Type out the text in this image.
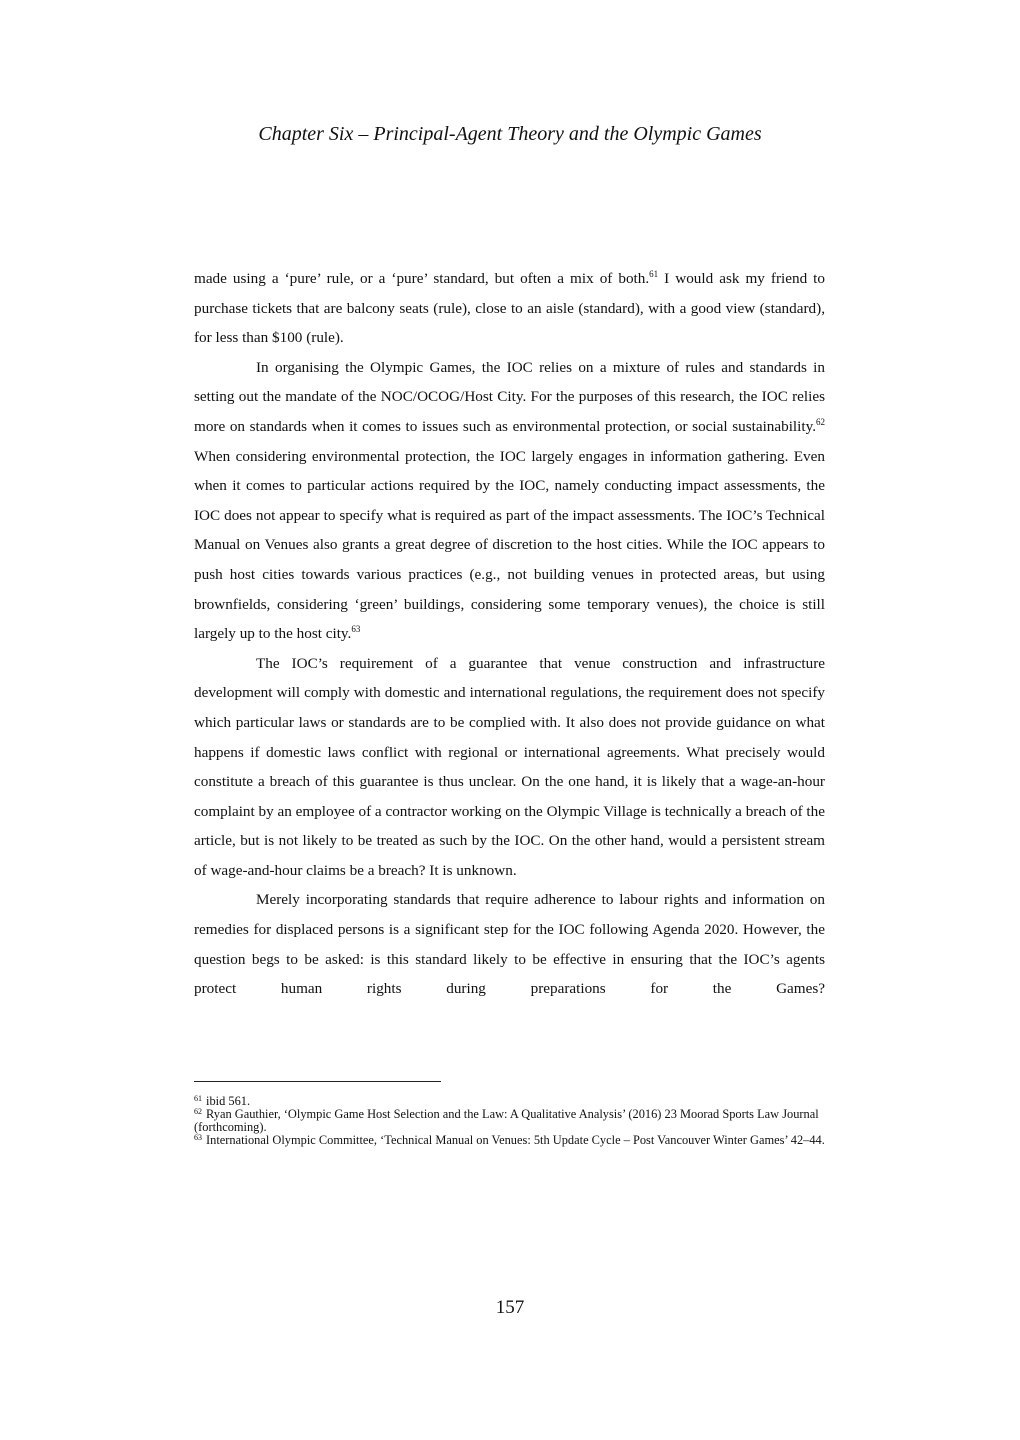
Chapter Six – Principal-Agent Theory and the Olympic Games

made using a ‘pure’ rule, or a ‘pure’ standard, but often a mix of both.$^{61}$ I would ask my friend to purchase tickets that are balcony seats (rule), close to an aisle (standard), with a good view (standard), for less than $100 (rule).

In organising the Olympic Games, the IOC relies on a mixture of rules and standards in setting out the mandate of the NOC/OCOG/Host City. For the purposes of this research, the IOC relies more on standards when it comes to issues such as environmental protection, or social sustainability.$^{62}$ When considering environmental protection, the IOC largely engages in information gathering. Even when it comes to particular actions required by the IOC, namely conducting impact assessments, the IOC does not appear to specify what is required as part of the impact assessments. The IOC’s Technical Manual on Venues also grants a great degree of discretion to the host cities. While the IOC appears to push host cities towards various practices (e.g., not building venues in protected areas, but using brownfields, considering ‘green’ buildings, considering some temporary venues), the choice is still largely up to the host city.$^{63}$

The IOC’s requirement of a guarantee that venue construction and infrastructure development will comply with domestic and international regulations, the requirement does not specify which particular laws or standards are to be complied with. It also does not provide guidance on what happens if domestic laws conflict with regional or international agreements. What precisely would constitute a breach of this guarantee is thus unclear. On the one hand, it is likely that a wage-an-hour complaint by an employee of a contractor working on the Olympic Village is technically a breach of the article, but is not likely to be treated as such by the IOC. On the other hand, would a persistent stream of wage-and-hour claims be a breach? It is unknown.

Merely incorporating standards that require adherence to labour rights and information on remedies for displaced persons is a significant step for the IOC following Agenda 2020. However, the question begs to be asked: is this standard likely to be effective in ensuring that the IOC’s agents protect human rights during preparations for the Games?

$^{61}$ ibid 561.

$^{62}$ Ryan Gauthier, ‘Olympic Game Host Selection and the Law: A Qualitative Analysis’ (2016) 23 Moorad Sports Law Journal (forthcoming).

$^{63}$ International Olympic Committee, ‘Technical Manual on Venues: 5th Update Cycle – Post Vancouver Winter Games’ 42–44.

157
